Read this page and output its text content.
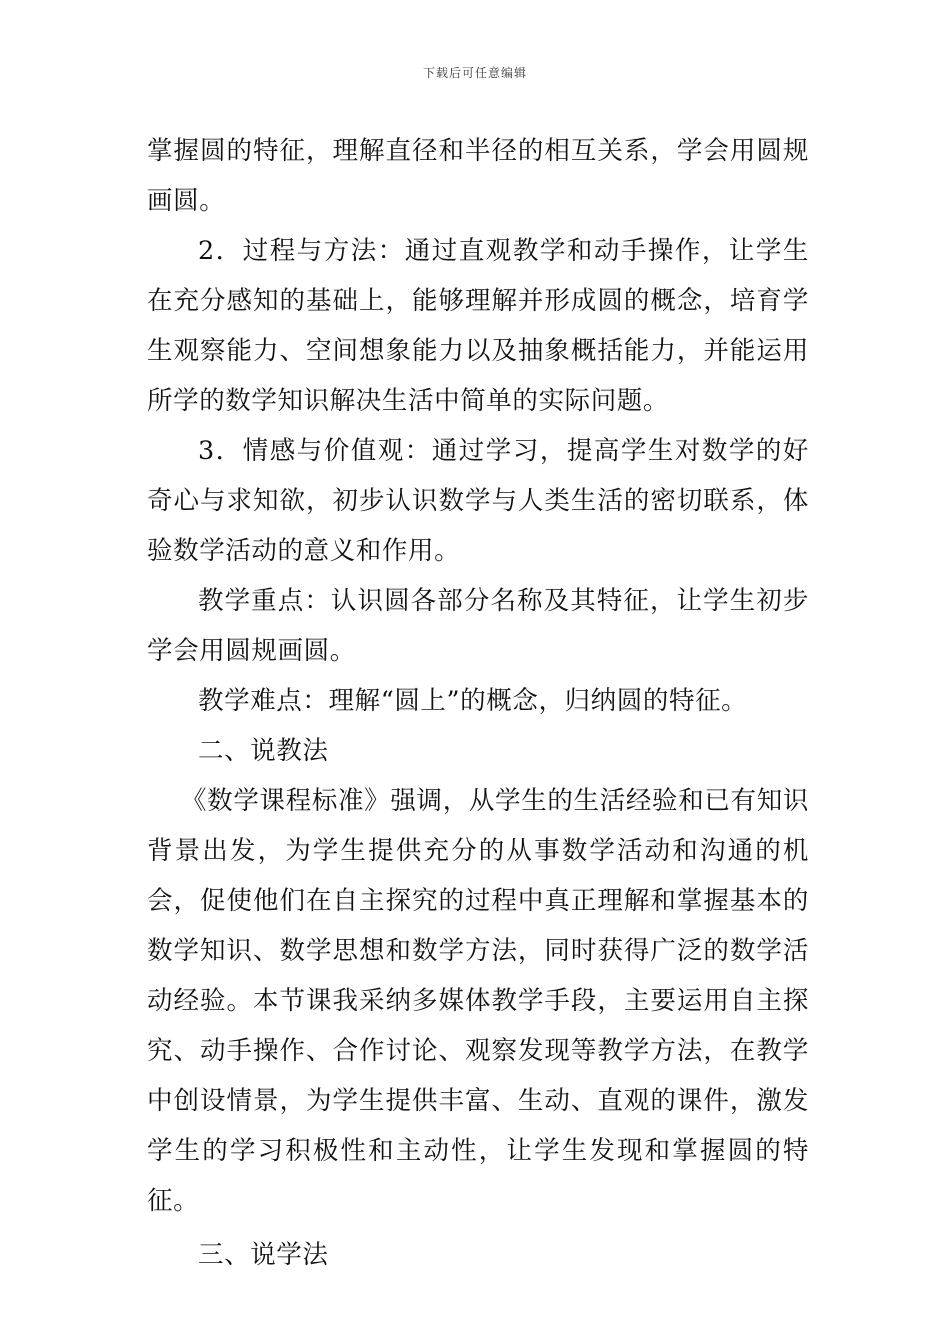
下载后可任意编辑

掌握圆的特征，理解直径和半径的相互关系，学会用圆规画圆。

2．过程与方法：通过直观教学和动手操作，让学生在充分感知的基础上，能够理解并形成圆的概念，培育学生观察能力、空间想象能力以及抽象概括能力，并能运用所学的数学知识解决生活中简单的实际问题。

3．情感与价值观：通过学习，提高学生对数学的好奇心与求知欲，初步认识数学与人类生活的密切联系，体验数学活动的意义和作用。

教学重点：认识圆各部分名称及其特征，让学生初步学会用圆规画圆。

教学难点：理解“圆上”的概念，归纳圆的特征。

二、说教法

《数学课程标准》强调，从学生的生活经验和已有知识背景出发，为学生提供充分的从事数学活动和沟通的机会，促使他们在自主探究的过程中真正理解和掌握基本的数学知识、数学思想和数学方法，同时获得广泛的数学活动经验。本节课我采纳多媒体教学手段，主要运用自主探究、动手操作、合作讨论、观察发现等教学方法，在教学中创设情景，为学生提供丰富、生动、直观的课件，激发学生的学习积极性和主动性，让学生发现和掌握圆的特征。

三、说学法
